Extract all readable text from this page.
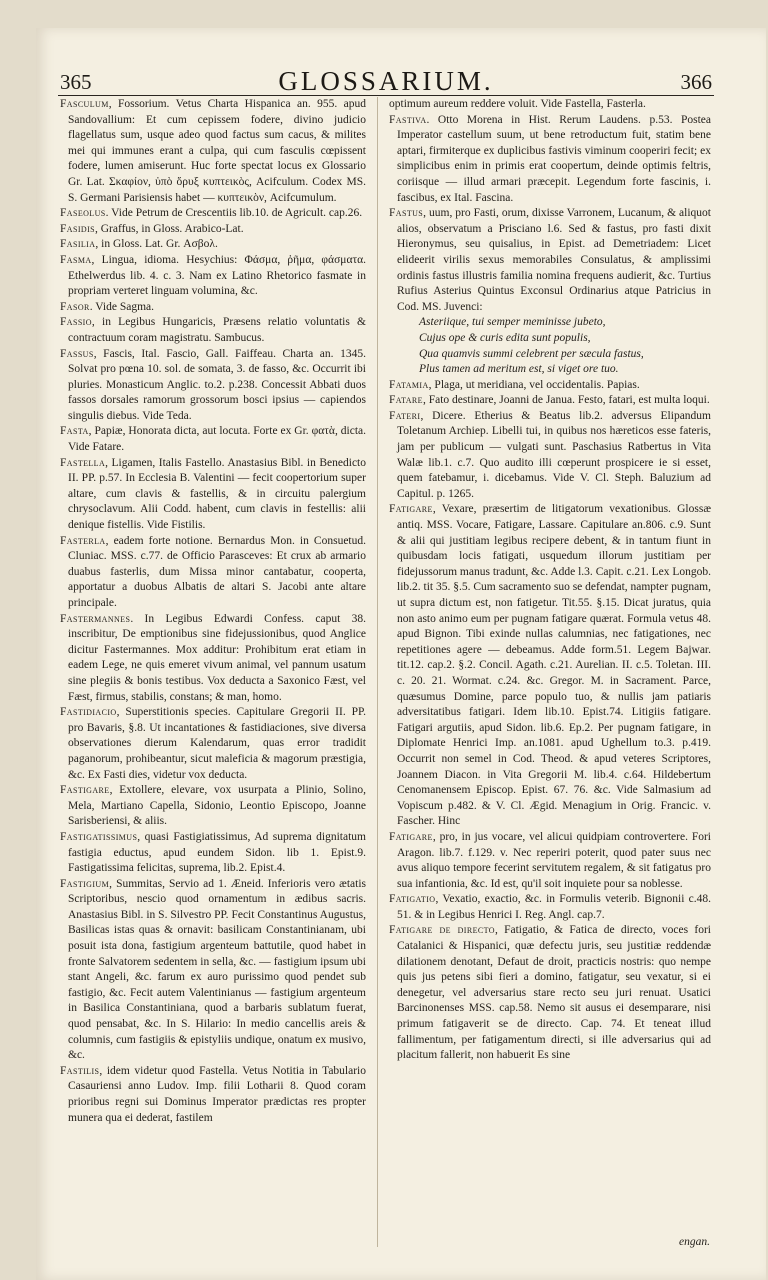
365	GLOSSARIUM.	366

Fasculum, Fossorium. Vetus Charta Hispanica an. 955. apud Sandovallium: Et cum cepissem fodere, divino judicio flagellatus sum, usque adeo quod factus sum cacus, & milites mei qui immunes erant a culpa, qui cum fasculis cœpissent fodere, lumen amiserunt. Huc forte spectat locus ex Glossario Gr. Lat. Σκαφίον, ὑπὸ ὄρυξ κυπτεικὸς, Acifculum. Codex MS. S. Germani Parisiensis habet — κυπτεικὸν, Acifcumulum.

Faseolus. Vide Petrum de Crescentiis lib.10. de Agricult. cap.26.

Fasidis, Graffus, in Gloss. Arabico-Lat.

Fasilia, in Gloss. Lat. Gr. Ασβολ.

Fasma, Lingua, idioma. Hesychius: Φάσμα, ῥῆμα, φάσματα. Ethelwerdus lib. 4. c. 3. Nam ex Latino Rhetorico fasmate in propriam verteret linguam volumina, &c.

Fasor. Vide Sagma.

Fassio, in Legibus Hungaricis, Præsens relatio voluntatis & contractuum coram magistratu. Sambucus.

Fassus, Fascis, Ital. Fascio, Gall. Faiffeau. Charta an. 1345. Solvat pro pœna 10. sol. de somata, 3. de fasso, &c. Occurrit ibi pluries. Monasticum Anglic. to.2. p.238. Concessit Abbati duos fassos dorsales ramorum grossorum bosci ipsius — capiendos singulis diebus. Vide Teda.

Fasta, Papiæ, Honorata dicta, aut locuta. Forte ex Gr. φατὰ, dicta. Vide Fatare.

Fastella, Ligamen, Italis Fastello. Anastasius Bibl. in Benedicto II. PP. p.57. In Ecclesia B. Valentini — fecit coopertorium super altare, cum clavis & fastellis, & in circuitu palergium chrysoclavum. Alii Codd. habent, cum clavis in festellis: alii denique fistellis. Vide Fistilis.

Fasterla, eadem forte notione. Bernardus Mon. in Consuetud. Cluniac. MSS. c.77. de Officio Parasceves: Et crux ab armario duabus fasterlis, dum Missa minor cantabatur, cooperta, apportatur a duobus Albatis de altari S. Jacobi ante altare principale.

Fastermannes. In Legibus Edwardi Confess. caput 38. inscribitur, De emptionibus sine fidejussionibus, quod Anglice dicitur Fastermannes. Mox additur: Prohibitum erat etiam in eadem Lege, ne quis emeret vivum animal, vel pannum usatum sine plegiis & bonis testibus. Vox deducta a Saxonico Fæst, vel Fæst, firmus, stabilis, constans; & man, homo.

Fastidiacio, Superstitionis species. Capitulare Gregorii II. PP. pro Bavaris, §.8. Ut incantationes & fastidiaciones, sive diversa observationes dierum Kalendarum, quas error tradidit paganorum, prohibeantur, sicut maleficia & magorum præstigia, &c. Ex Fasti dies, videtur vox deducta.

Fastigare, Extollere, elevare, vox usurpata a Plinio, Solino, Mela, Martiano Capella, Sidonio, Leontio Episcopo, Joanne Sarisberiensi, & aliis.

Fastigatissimus, quasi Fastigiatissimus, Ad suprema dignitatum fastigia eductus, apud eundem Sidon. lib 1. Epist.9. Fastigatissima felicitas, suprema, lib.2. Epist.4.

Fastigium, Summitas, Servio ad 1. Æneid. Inferioris vero ætatis Scriptoribus, nescio quod ornamentum in ædibus sacris. Anastasius Bibl. in S. Silvestro PP. Fecit Constantinus Augustus, Basilicas istas quas & ornavit: basilicam Constantinianam, ubi posuit ista dona, fastigium argenteum battutile, quod habet in fronte Salvatorem sedentem in sella, &c. — fastigium ipsum ubi stant Angeli, &c. farum ex auro purissimo quod pendet sub fastigio, &c. Fecit autem Valentinianus — fastigium argenteum in Basilica Constantiniana, quod a barbaris sublatum fuerat, quod pensabat, &c. In S. Hilario: In medio cancellis areis & columnis, cum fastigiis & epistyliis undique, onatum ex musivo, &c.

Fastilis, idem videtur quod Fastella. Vetus Notitia in Tabulario Casauriensi anno Ludov. Imp. filii Lotharii 8. Quod coram prioribus regni sui Dominus Imperator prædictas res propter munera qua ei dederat, fastilem

optimum aureum reddere voluit. Vide Fastella, Fasterla.

Fastiva. Otto Morena in Hist. Rerum Laudens. p.53. Postea Imperator castellum suum, ut bene retroductum fuit, statim bene aptari, firmiterque ex duplicibus fastivis viminum cooperiri fecit; ex simplicibus enim in primis erat coopertum, deinde optimis feltris, coriisque — illud armari præcepit. Legendum forte fascinis, i. fascibus, ex Ital. Fascina.

Fastus, uum, pro Fasti, orum, dixisse Varronem, Lucanum, & aliquot alios, observatum a Prisciano l.6. Sed & fastus, pro fasti dixit Hieronymus, seu quisalius, in Epist. ad Demetriadem: Licet elideerit virilis sexus memorabiles Consulatus, & amplissimi ordinis fastus illustris familia nomina frequens audierit, &c. Turtius Rufius Asterius Quintus Exconsul Ordinarius atque Patricius in Cod. MS. Juvenci:

Asteriique, tui semper meminisse jubeto,
Cujus ope & curis edita sunt populis,
Qua quamvis summi celebrent per sæcula fastus,
Plus tamen ad meritum est, si viget ore tuo.

Fatamia, Plaga, ut meridiana, vel occidentalis. Papias.

Fatare, Fato destinare, Joanni de Janua. Festo, fatari, est multa loqui.

Fateri, Dicere. Etherius & Beatus lib.2. adversus Elipandum Toletanum Archiep. Libelli tui, in quibus nos hæreticos esse fateris, jam per publicum — vulgati sunt. Paschasius Ratbertus in Vita Walæ lib.1. c.7. Quo audito illi cœperunt prospicere ie si esset, quem fatebamur, i. dicebamus. Vide V. Cl. Steph. Baluzium ad Capitul. p. 1265.

Fatigare, Vexare, præsertim de litigatorum vexationibus. Glossæ antiq. MSS. Vocare, Fatigare, Lassare. Capitulare an.806. c.9. Sunt & alii qui justitiam legibus recipere debent, & in tantum fiunt in quibusdam locis fatigati, usquedum illorum justitiam per fidejussorum manus tradunt, &c. Adde l.3. Capit. c.21. Lex Longob. lib.2. tit 35. §.5. Cum sacramento suo se defendat, nampter pugnam, ut supra dictum est, non fatigetur. Tit.55. §.15. Dicat juratus, quia non asto animo eum per pugnam fatigare quærat. Formula vetus 48. apud Bignon. Tibi exinde nullas calumnias, nec fatigationes, nec repetitiones agere — debeamus. Adde form.51. Legem Bajwar. tit.12. cap.2. §.2. Concil. Agath. c.21. Aurelian. II. c.5. Toletan. III. c. 20. 21. Wormat. c.24. &c. Gregor. M. in Sacrament. Parce, quæsumus Domine, parce populo tuo, & nullis jam patiaris adversitatibus fatigari. Idem lib.10. Epist.74. Litigiis fatigare. Fatigari argutiis, apud Sidon. lib.6. Ep.2. Per pugnam fatigare, in Diplomate Henrici Imp. an.1081. apud Ughellum to.3. p.419. Occurrit non semel in Cod. Theod. & apud veteres Scriptores, Joannem Diacon. in Vita Gregorii M. lib.4. c.64. Hildebertum Cenomanensem Episcop. Epist. 67. 76. &c. Vide Salmasium ad Vopiscum p.482. & V. Cl. Ægid. Menagium in Orig. Francic. v. Fascher. Hinc

Fatigare, pro, in jus vocare, vel alicui quidpiam controvertere. Fori Aragon. lib.7. f.129. v. Nec reperiri poterit, quod pater suus nec avus aliquo tempore fecerint servitutem regalem, & sit fatigatus pro sua infantionia, &c. Id est, qu'il soit inquiete pour sa noblesse.

Fatigatio, Vexatio, exactio, &c. in Formulis veterib. Bignonii c.48. 51. & in Legibus Henrici I. Reg. Angl. cap.7.

Fatigare de directo, Fatigatio, & Fatica de directo, voces fori Catalanici & Hispanici, quæ defectu juris, seu justitiæ reddendæ dilationem denotant, Defaut de droit, practicis nostris: quo nempe quis jus petens sibi fieri a domino, fatigatur, seu vexatur, si ei denegetur, vel adversarius stare recto seu juri renuat. Usatici Barcinonenses MSS. cap.58. Nemo sit ausus ei desemparare, nisi primum fatigaverit se de directo. Cap. 74. Et teneat illud fallimentum, per fatigamentum directi, si ille adversarius qui ad placitum fallerit, non habuerit Es sine

engan.
